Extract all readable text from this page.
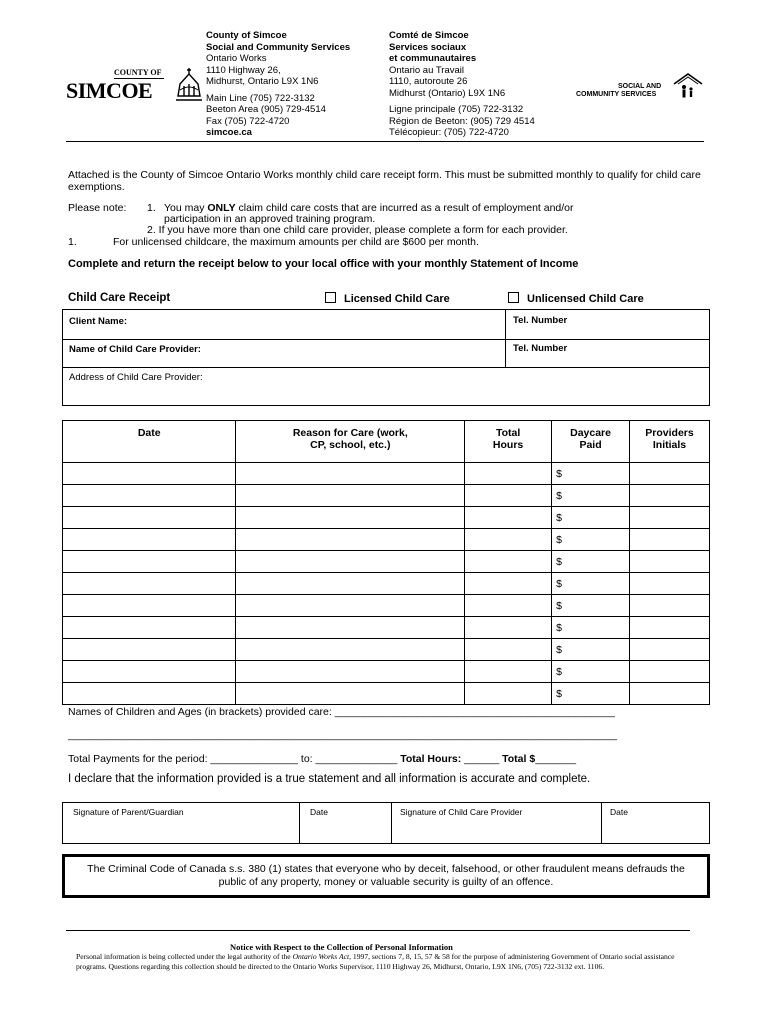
COUNTY OF
SIMCOE
County of Simcoe
Social and Community Services
Ontario Works
1110 Highway 26,
Midhurst, Ontario L9X 1N6
Main Line (705) 722-3132
Beeton Area (905) 729-4514
Fax (705) 722-4720
simcoe.ca
Comté de Simcoe
Services sociaux
et communautaires
Ontario au Travail
1110, autoroute 26
Midhurst (Ontario) L9X 1N6
Ligne principale (705) 722-3132
Région de Beeton: (905) 729 4514
Télécopieur: (705) 722-4720
SOCIAL AND
COMMUNITY SERVICES
Attached is the County of Simcoe Ontario Works monthly child care receipt form. This must be submitted monthly to qualify for child care exemptions.
Please note: 1. You may ONLY claim child care costs that are incurred as a result of employment and/or
participation in an approved training program.
2. If you have more than one child care provider, please complete a form for each provider.
1.	For unlicensed childcare, the maximum amounts per child are $600 per month.
Complete and return the receipt below to your local office with your monthly Statement of Income
Child Care Receipt	Licensed Child Care	Unlicensed Child Care
Client Name:	Tel. Number
Name of Child Care Provider:	Tel. Number
Address of Child Care Provider:
Date	Reason for Care (work, CP, school, etc.)	Total Hours	Daycare Paid	Providers Initials
			$	
			$	
			$	
			$	
			$	
			$	
			$	
			$	
			$	
			$	
			$	
Names of Children and Ages (in brackets) provided care: ________________________________________________
______________________________________________________________________________________________
Total Payments for the period: _______________ to: ______________ Total Hours: ______ Total $_______
I declare that the information provided is a true statement and all information is accurate and complete.
Signature of Parent/Guardian	Date	Signature of Child Care Provider	Date
The Criminal Code of Canada s.s. 380 (1) states that everyone who by deceit, falsehood, or other fraudulent means defrauds the public of any property, money or valuable security is guilty of an offence.
Notice with Respect to the Collection of Personal Information
Personal information is being collected under the legal authority of the Ontario Works Act, 1997, sections 7, 8, 15, 57 & 58 for the purpose of administering Government of Ontario social assistance programs. Questions regarding this collection should be directed to the Ontario Works Supervisor, 1110 Highway 26, Midhurst, Ontario, L9X 1N6, (705) 722-3132 ext. 1106.
